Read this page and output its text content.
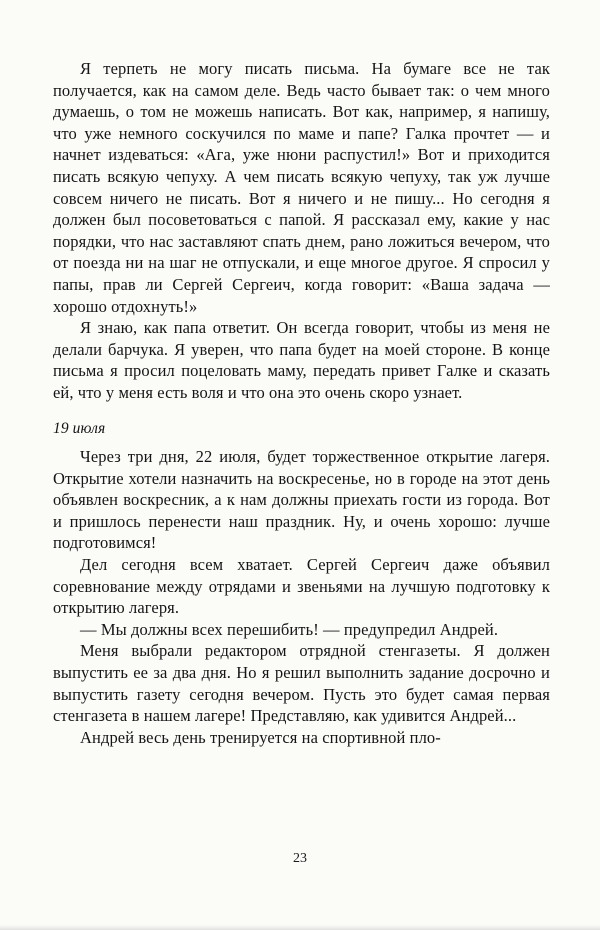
Я терпеть не могу писать письма. На бумаге все не так получается, как на самом деле. Ведь часто бывает так: о чем много думаешь, о том не можешь написать. Вот как, например, я напишу, что уже немного соскучился по маме и папе? Галка прочтет — и начнет издеваться: «Ага, уже нюни распустил!» Вот и приходится писать всякую чепуху. А чем писать всякую чепуху, так уж лучше совсем ничего не писать. Вот я ничего и не пишу... Но сегодня я должен был посоветоваться с папой. Я рассказал ему, какие у нас порядки, что нас заставляют спать днем, рано ложиться вечером, что от поезда ни на шаг не отпускали, и еще многое другое. Я спросил у папы, прав ли Сергей Сергеич, когда говорит: «Ваша задача — хорошо отдохнуть!»

Я знаю, как папа ответит. Он всегда говорит, чтобы из меня не делали барчука. Я уверен, что папа будет на моей стороне. В конце письма я просил поцеловать маму, передать привет Галке и сказать ей, что у меня есть воля и что она это очень скоро узнает.

19 июля

Через три дня, 22 июля, будет торжественное открытие лагеря. Открытие хотели назначить на воскресенье, но в городе на этот день объявлен воскресник, а к нам должны приехать гости из города. Вот и пришлось перенести наш праздник. Ну, и очень хорошо: лучше подготовимся!

Дел сегодня всем хватает. Сергей Сергеич даже объявил соревнование между отрядами и звеньями на лучшую подготовку к открытию лагеря.

— Мы должны всех перешибить! — предупредил Андрей.

Меня выбрали редактором отрядной стенгазеты. Я должен выпустить ее за два дня. Но я решил выполнить задание досрочно и выпустить газету сегодня вечером. Пусть это будет самая первая стенгазета в нашем лагере! Представляю, как удивится Андрей...

Андрей весь день тренируется на спортивной пло-

23
